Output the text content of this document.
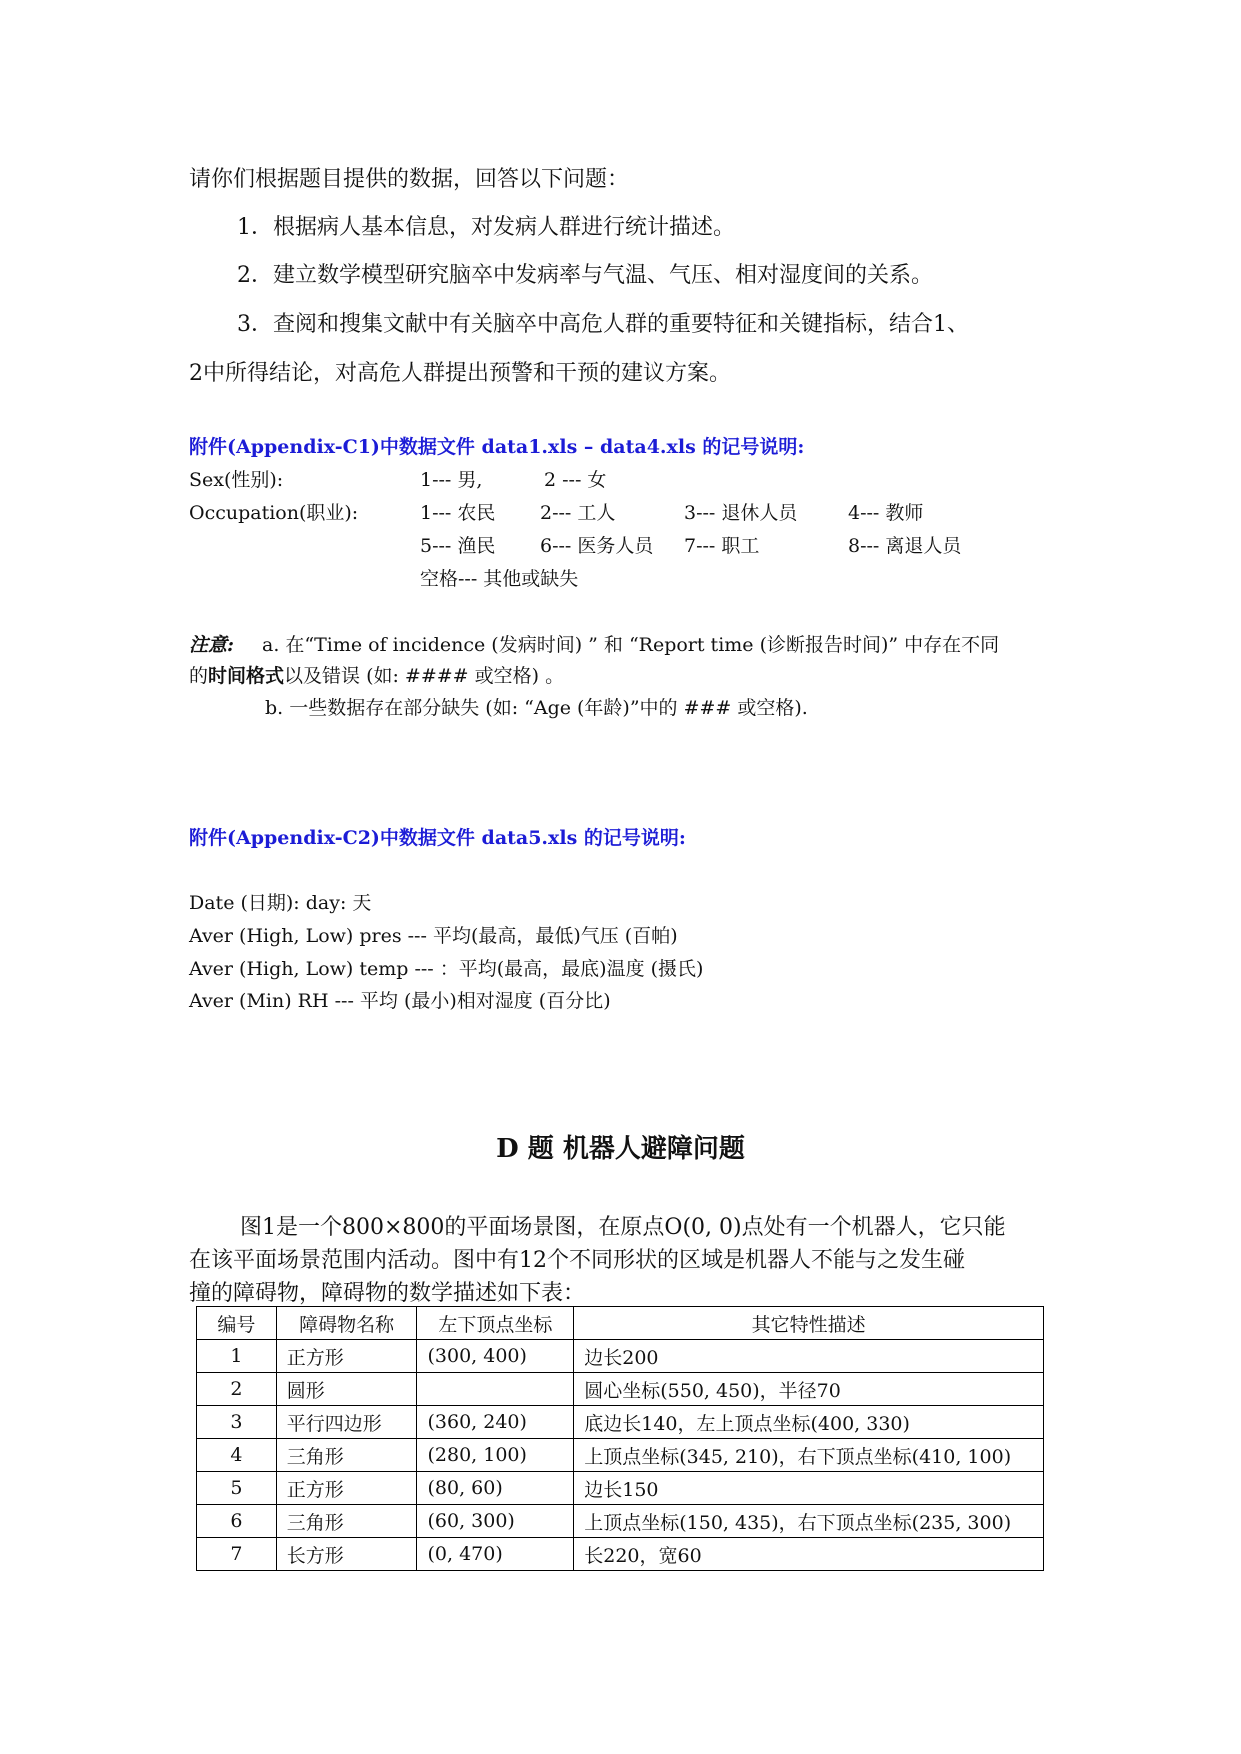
请你们根据题目提供的数据，回答以下问题：
1．根据病人基本信息，对发病人群进行统计描述。
2．建立数学模型研究脑卒中发病率与气温、气压、相对湿度间的关系。
3．查阅和搜集文献中有关脑卒中高危人群的重要特征和关键指标，结合1、
2中所得结论，对高危人群提出预警和干预的建议方案。
附件(Appendix-C1)中数据文件 data1.xls – data4.xls 的记号说明:
Sex(性别):	1--- 男,	2 --- 女
Occupation(职业):	1--- 农民 2--- 工人	3--- 退休人员	4--- 教师
5--- 渔民 6--- 医务人员 7--- 职工	8--- 离退人员
空格--- 其他或缺失
注意: a. 在“Time of incidence (发病时间) ” 和 “Report time (诊断报告时间)” 中存在不同
的时间格式以及错误 (如: #### 或空格) 。
b. 一些数据存在部分缺失 (如: “Age (年龄)”中的 ### 或空格).
附件(Appendix-C2)中数据文件 data5.xls 的记号说明:
Date (日期): day: 天
Aver (High, Low) pres --- 平均(最高，最低)气压 (百帕)
Aver (High, Low) temp --- ：平均(最高，最底)温度 (摄氏)
Aver (Min) RH --- 平均 (最小)相对湿度 (百分比)
D 题 机器人避障问题
图1是一个800×800的平面场景图，在原点O(0, 0)点处有一个机器人，它只能
在该平面场景范围内活动。图中有12个不同形状的区域是机器人不能与之发生碰
撞的障碍物，障碍物的数学描述如下表：
编号	障碍物名称	左下顶点坐标	其它特性描述
1	正方形	(300, 400)	边长200
2	圆形		圆心坐标(550, 450)，半径70
3	平行四边形	(360, 240)	底边长140，左上顶点坐标(400, 330)
4	三角形	(280, 100)	上顶点坐标(345, 210)，右下顶点坐标(410, 100)
5	正方形	(80, 60)	边长150
6	三角形	(60, 300)	上顶点坐标(150, 435)，右下顶点坐标(235, 300)
7	长方形	(0, 470)	长220，宽60
